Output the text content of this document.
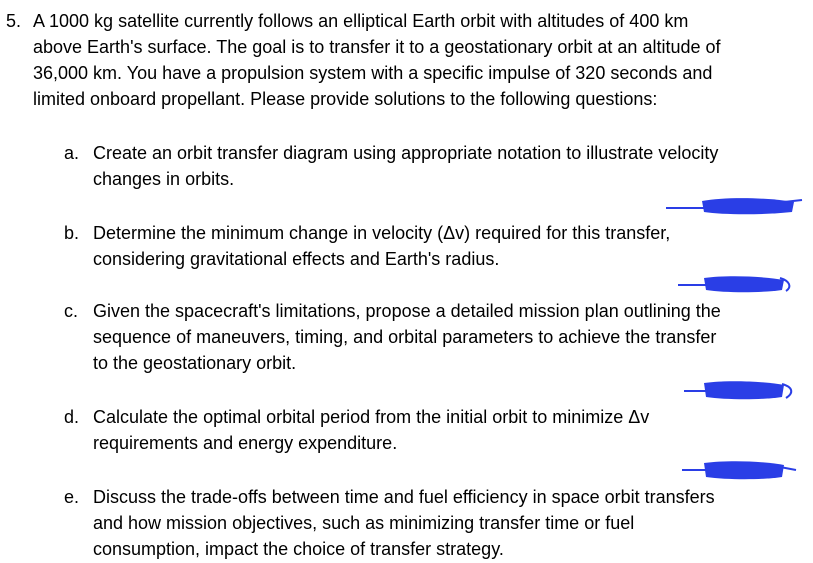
5. A 1000 kg satellite currently follows an elliptical Earth orbit with altitudes of 400 km
above Earth's surface. The goal is to transfer it to a geostationary orbit at an altitude of
36,000 km. You have a propulsion system with a specific impulse of 320 seconds and
limited onboard propellant. Please provide solutions to the following questions:
a. Create an orbit transfer diagram using appropriate notation to illustrate velocity
changes in orbits.
b. Determine the minimum change in velocity (Δv) required for this transfer,
considering gravitational effects and Earth's radius.
c. Given the spacecraft's limitations, propose a detailed mission plan outlining the
sequence of maneuvers, timing, and orbital parameters to achieve the transfer
to the geostationary orbit.
d. Calculate the optimal orbital period from the initial orbit to minimize Δv
requirements and energy expenditure.
e. Discuss the trade-offs between time and fuel efficiency in space orbit transfers
and how mission objectives, such as minimizing transfer time or fuel
consumption, impact the choice of transfer strategy.
